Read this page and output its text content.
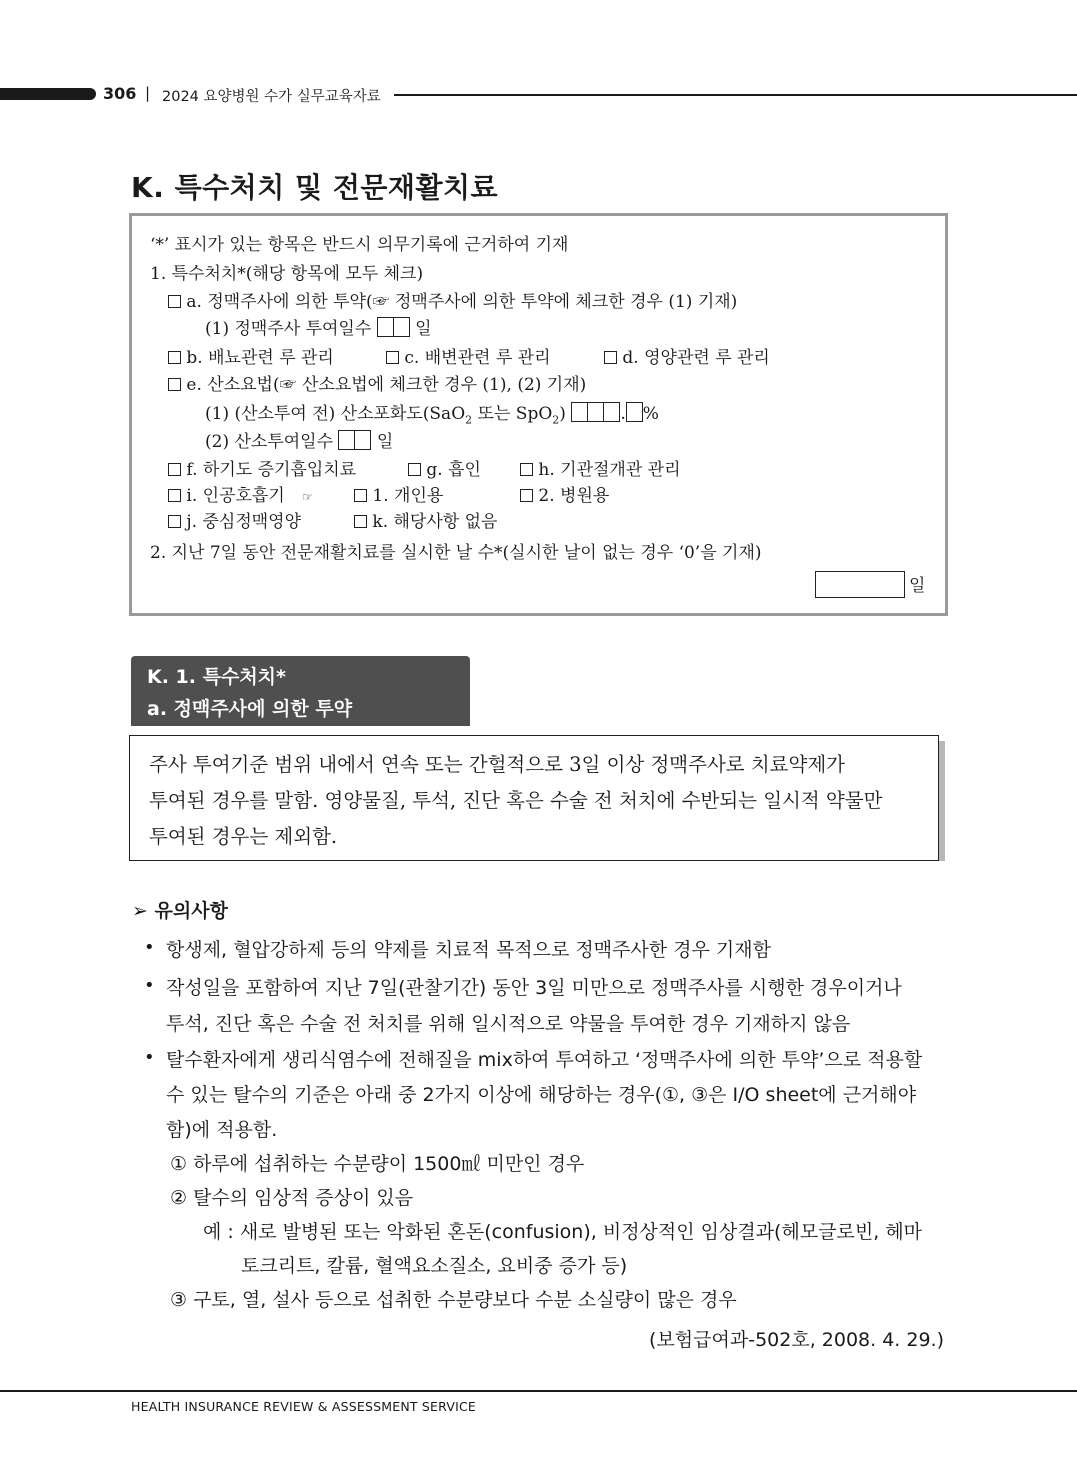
306 | 2024 요양병원 수가 실무교육자료
K. 특수처치 및 전문재활치료
‘*’ 표시가 있는 항목은 반드시 의무기록에 근거하여 기재
1. 특수처치*(해당 항목에 모두 체크)
a. 정맥주사에 의한 투약(☞ 정맥주사에 의한 투약에 체크한 경우 (1) 기재)
(1) 정맥주사 투여일수	일
b. 배뇨관련 루 관리	c. 배변관련 루 관리	d. 영양관련 루 관리
e. 산소요법(☞ 산소요법에 체크한 경우 (1), (2) 기재)
(1) (산소투여 전) 산소포화도(SaO$_2$ 또는 SpO$_2$)	. %
(2) 산소투여일수	일
f. 하기도 증기흡입치료	g. 흡인	h. 기관절개관 관리
i. 인공호흡기 ☞	1. 개인용	2. 병원용
j. 중심정맥영양	k. 해당사항 없음
2. 지난 7일 동안 전문재활치료를 실시한 날 수*(실시한 날이 없는 경우 ‘0’을 기재)
일
K. 1. 특수처치*
a. 정맥주사에 의한 투약
주사 투여기준 범위 내에서 연속 또는 간헐적으로 3일 이상 정맥주사로 치료약제가
투여된 경우를 말함. 영양물질, 투석, 진단 혹은 수술 전 처치에 수반되는 일시적 약물만
투여된 경우는 제외함.
➢ 유의사항
• 항생제, 혈압강하제 등의 약제를 치료적 목적으로 정맥주사한 경우 기재함
• 작성일을 포함하여 지난 7일(관찰기간) 동안 3일 미만으로 정맥주사를 시행한 경우이거나
투석, 진단 혹은 수술 전 처치를 위해 일시적으로 약물을 투여한 경우 기재하지 않음
• 탈수환자에게 생리식염수에 전해질을 mix하여 투여하고 ‘정맥주사에 의한 투약’으로 적용할
수 있는 탈수의 기준은 아래 중 2가지 이상에 해당하는 경우(①, ③은 I/O sheet에 근거해야
함)에 적용함.
① 하루에 섭취하는 수분량이 1500㎖ 미만인 경우
② 탈수의 임상적 증상이 있음
예 : 새로 발병된 또는 악화된 혼돈(confusion), 비정상적인 임상결과(헤모글로빈, 헤마
토크리트, 칼륨, 혈액요소질소, 요비중 증가 등)
③ 구토, 열, 설사 등으로 섭취한 수분량보다 수분 소실량이 많은 경우
(보험급여과-502호, 2008. 4. 29.)
HEALTH INSURANCE REVIEW & ASSESSMENT SERVICE
